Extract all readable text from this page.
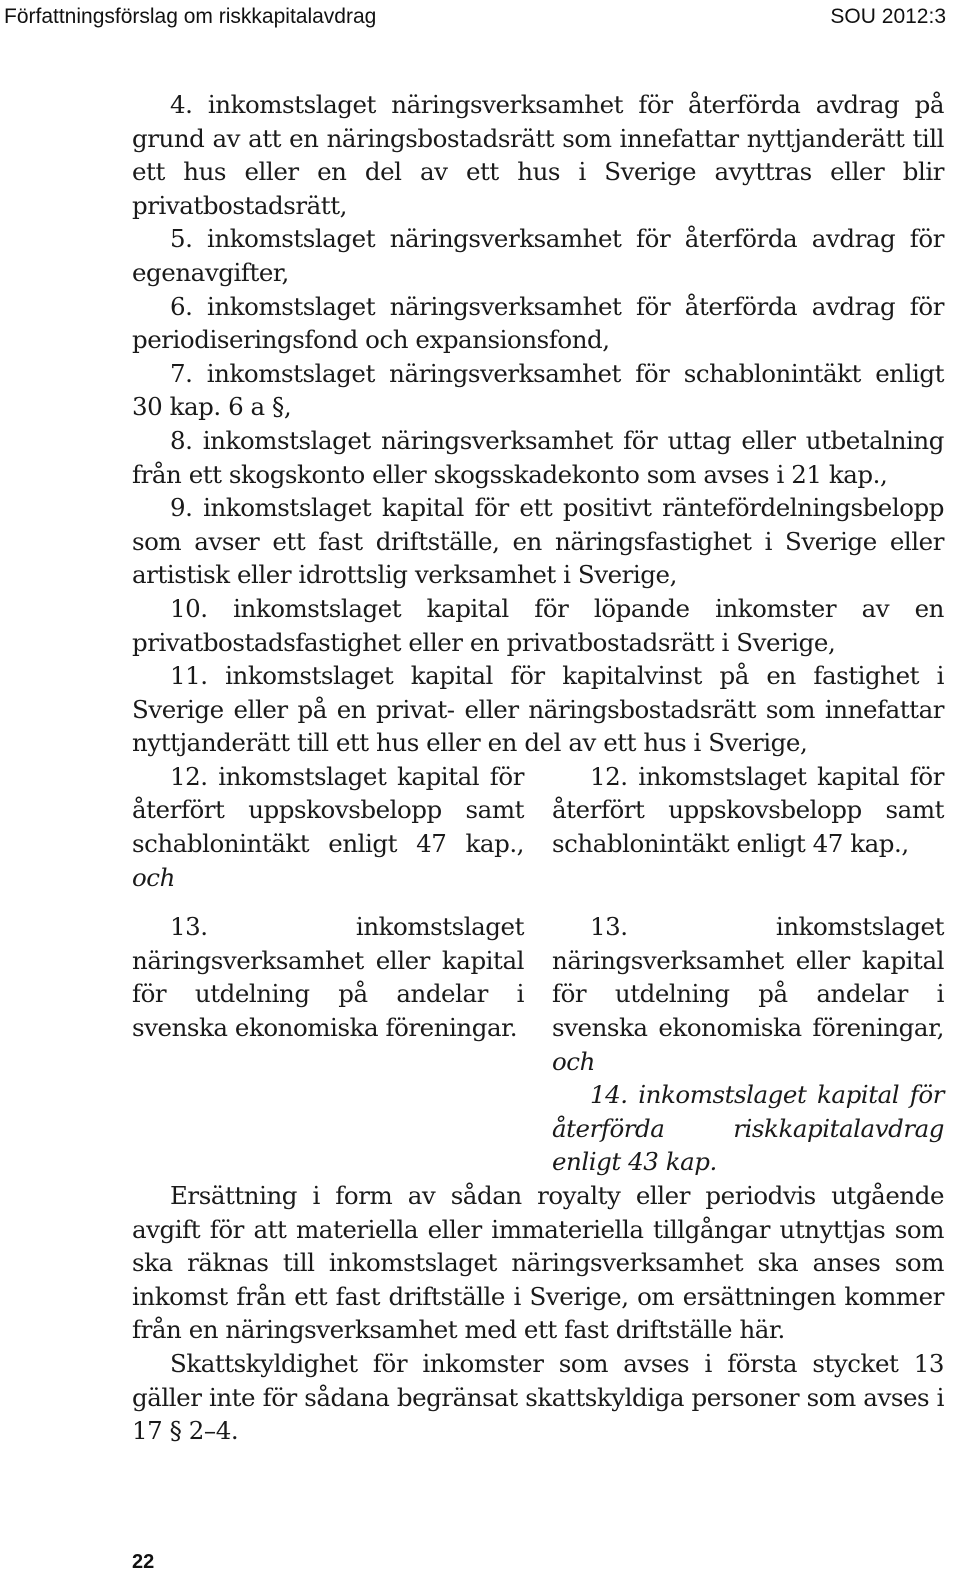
Författningsförslag om riskkapitalavdrag	SOU 2012:3

4. inkomstslaget näringsverksamhet för återförda avdrag på grund av att en näringsbostadsrätt som innefattar nyttjanderätt till ett hus eller en del av ett hus i Sverige avyttras eller blir privatbostadsrätt,

5. inkomstslaget näringsverksamhet för återförda avdrag för egenavgifter,

6. inkomstslaget näringsverksamhet för återförda avdrag för periodiseringsfond och expansionsfond,

7. inkomstslaget näringsverksamhet för schablonintäkt enligt 30 kap. 6 a §,

8. inkomstslaget näringsverksamhet för uttag eller utbetalning från ett skogskonto eller skogsskadekonto som avses i 21 kap.,

9. inkomstslaget kapital för ett positivt räntefördelningsbelopp som avser ett fast driftställe, en näringsfastighet i Sverige eller artistisk eller idrottslig verksamhet i Sverige,

10. inkomstslaget kapital för löpande inkomster av en privatbostadsfastighet eller en privatbostadsrätt i Sverige,

11. inkomstslaget kapital för kapitalvinst på en fastighet i Sverige eller på en privat- eller näringsbostadsrätt som innefattar nyttjanderätt till ett hus eller en del av ett hus i Sverige,

12. inkomstslaget kapital för återfört uppskovsbelopp samt schablonintäkt enligt 47 kap., och

13. inkomstslaget näringsverksamhet eller kapital för utdelning på andelar i svenska ekonomiska föreningar.

12. inkomstslaget kapital för återfört uppskovsbelopp samt schablonintäkt enligt 47 kap.,

13. inkomstslaget näringsverksamhet eller kapital för utdelning på andelar i svenska ekonomiska föreningar, och

14. inkomstslaget kapital för återförda riskkapitalavdrag enligt 43 kap.

Ersättning i form av sådan royalty eller periodvis utgående avgift för att materiella eller immateriella tillgångar utnyttjas som ska räknas till inkomstslaget näringsverksamhet ska anses som inkomst från ett fast driftställe i Sverige, om ersättningen kommer från en näringsverksamhet med ett fast driftställe här.

Skattskyldighet för inkomster som avses i första stycket 13 gäller inte för sådana begränsat skattskyldiga personer som avses i 17 § 2–4.

22
